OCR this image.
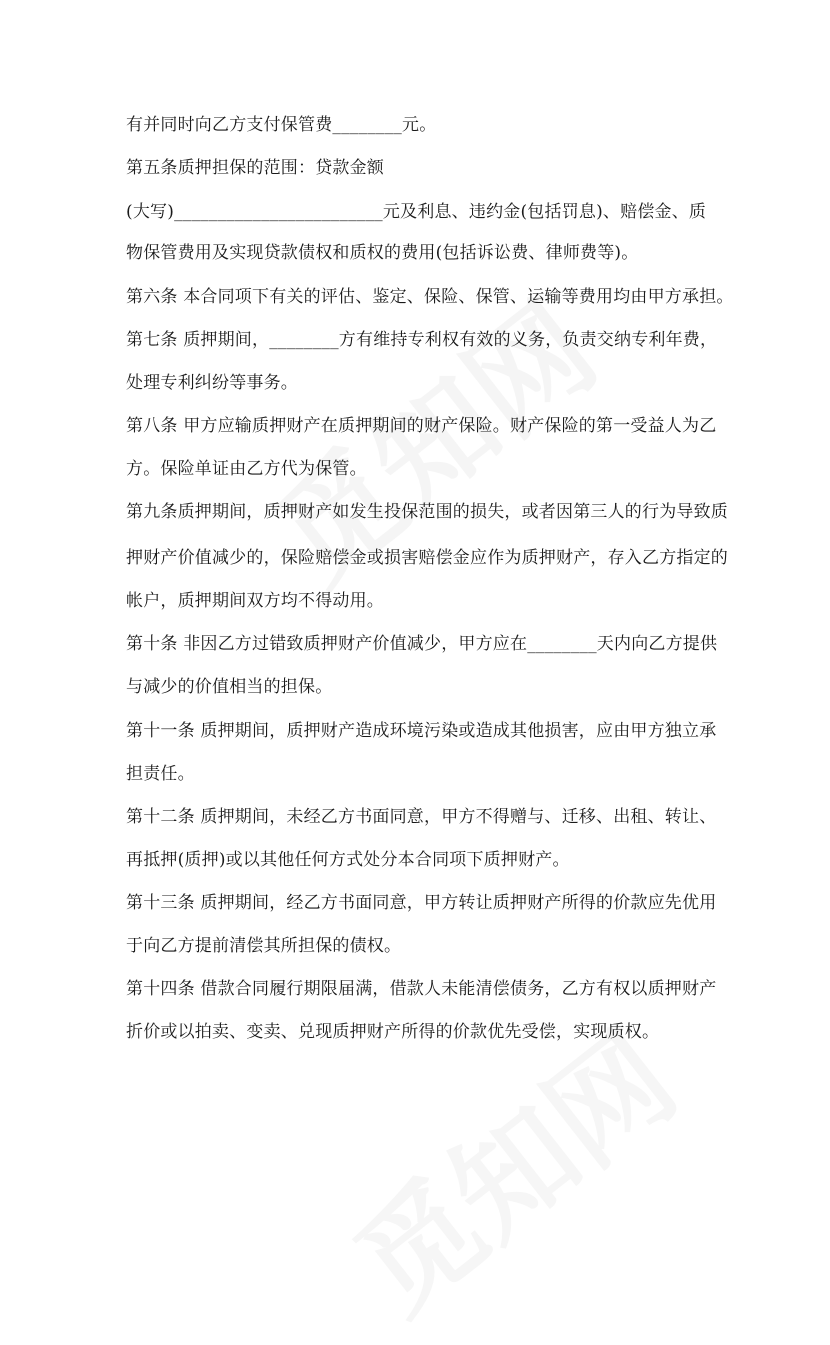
有并同时向乙方支付保管费________元。
第五条质押担保的范围：贷款金额
(大写)________________________元及利息、违约金(包括罚息)、赔偿金、质
物保管费用及实现贷款债权和质权的费用(包括诉讼费、律师费等)。
第六条 本合同项下有关的评估、鉴定、保险、保管、运输等费用均由甲方承担。
第七条 质押期间，________方有维持专利权有效的义务，负责交纳专利年费，
处理专利纠纷等事务。
第八条 甲方应输质押财产在质押期间的财产保险。财产保险的第一受益人为乙
方。保险单证由乙方代为保管。
第九条质押期间，质押财产如发生投保范围的损失，或者因第三人的行为导致质
押财产价值减少的，保险赔偿金或损害赔偿金应作为质押财产，存入乙方指定的
帐户，质押期间双方均不得动用。
第十条 非因乙方过错致质押财产价值减少，甲方应在________天内向乙方提供
与减少的价值相当的担保。
第十一条 质押期间，质押财产造成环境污染或造成其他损害，应由甲方独立承
担责任。
第十二条 质押期间，未经乙方书面同意，甲方不得赠与、迁移、出租、转让、
再抵押(质押)或以其他任何方式处分本合同项下质押财产。
第十三条 质押期间，经乙方书面同意，甲方转让质押财产所得的价款应先优用
于向乙方提前清偿其所担保的债权。
第十四条 借款合同履行期限届满，借款人未能清偿债务，乙方有权以质押财产
折价或以拍卖、变卖、兑现质押财产所得的价款优先受偿，实现质权。
